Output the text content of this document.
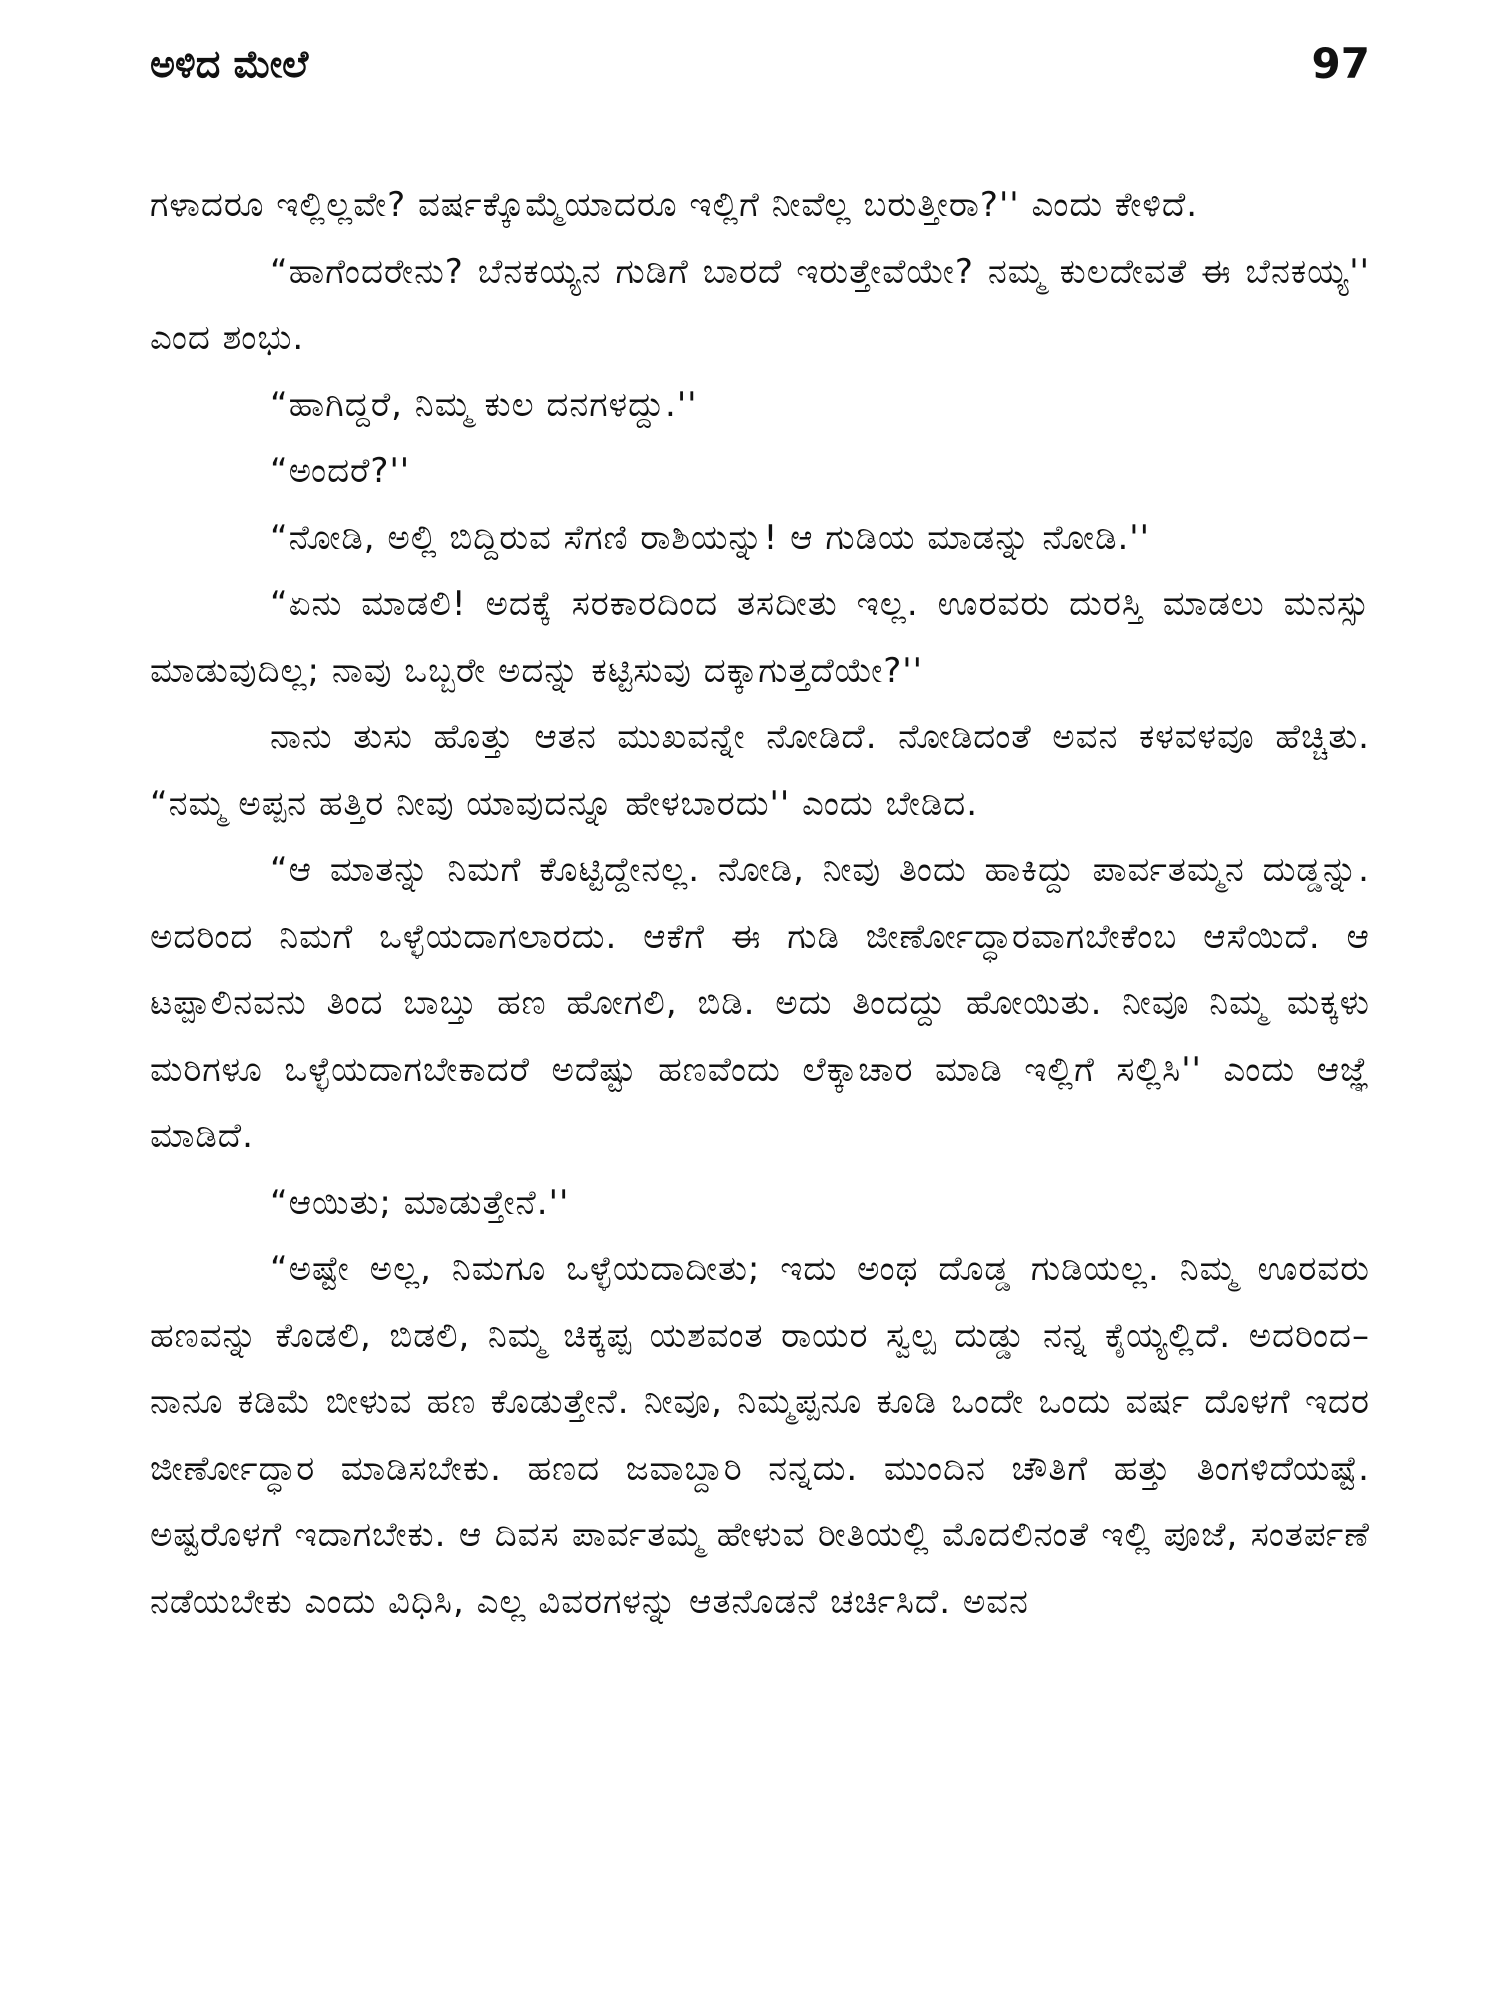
ಅಳಿದ ಮೇಲೆ	97

ಗಳಾದರೂ ಇಲ್ಲಿಲ್ಲವೇ? ವರ್ಷಕ್ಕೊಮ್ಮೆಯಾದರೂ ಇಲ್ಲಿಗೆ ನೀವೆಲ್ಲ ಬರುತ್ತೀರಾ?'' ಎಂದು ಕೇಳಿದೆ.

“ಹಾಗೆಂದರೇನು? ಬೆನಕಯ್ಯನ ಗುಡಿಗೆ ಬಾರದೆ ಇರುತ್ತೇವೆಯೇ? ನಮ್ಮ ಕುಲದೇವತೆ ಈ ಬೆನಕಯ್ಯ'' ಎಂದ ಶಂಭು.

“ಹಾಗಿದ್ದರೆ, ನಿಮ್ಮ ಕುಲ ದನಗಳದ್ದು.''

“ಅಂದರೆ?''

“ನೋಡಿ, ಅಲ್ಲಿ ಬಿದ್ದಿರುವ ಸೆಗಣಿ ರಾಶಿಯನ್ನು! ಆ ಗುಡಿಯ ಮಾಡನ್ನು ನೋಡಿ.''

“ಏನು ಮಾಡಲಿ! ಅದಕ್ಕೆ ಸರಕಾರದಿಂದ ತಸದೀತು ಇಲ್ಲ. ಊರವರು ದುರಸ್ತಿ ಮಾಡಲು ಮನಸ್ಸು ಮಾಡುವುದಿಲ್ಲ; ನಾವು ಒಬ್ಬರೇ ಅದನ್ನು ಕಟ್ಟಿಸುವು ದಕ್ಕಾಗುತ್ತದೆಯೇ?''

ನಾನು ತುಸು ಹೊತ್ತು ಆತನ ಮುಖವನ್ನೇ ನೋಡಿದೆ. ನೋಡಿದಂತೆ ಅವನ ಕಳವಳವೂ ಹೆಚ್ಚಿತು. “ನಮ್ಮ ಅಪ್ಪನ ಹತ್ತಿರ ನೀವು ಯಾವುದನ್ನೂ ಹೇಳಬಾರದು'' ಎಂದು ಬೇಡಿದ.

“ಆ ಮಾತನ್ನು ನಿಮಗೆ ಕೊಟ್ಟಿದ್ದೇನಲ್ಲ. ನೋಡಿ, ನೀವು ತಿಂದು ಹಾಕಿದ್ದು ಪಾರ್ವತಮ್ಮನ ದುಡ್ಡನ್ನು. ಅದರಿಂದ ನಿಮಗೆ ಒಳ್ಳೆಯದಾಗಲಾರದು. ಆಕೆಗೆ ಈ ಗುಡಿ ಜೀರ್ಣೋದ್ಧಾರವಾಗಬೇಕೆಂಬ ಆಸೆಯಿದೆ. ಆ ಟಪ್ಪಾಲಿನವನು ತಿಂದ ಬಾಬ್ತು ಹಣ ಹೋಗಲಿ, ಬಿಡಿ. ಅದು ತಿಂದದ್ದು ಹೋಯಿತು. ನೀವೂ ನಿಮ್ಮ ಮಕ್ಕಳು ಮರಿಗಳೂ ಒಳ್ಳೆಯದಾಗಬೇಕಾದರೆ ಅದೆಷ್ಟು ಹಣವೆಂದು ಲೆಕ್ಕಾಚಾರ ಮಾಡಿ ಇಲ್ಲಿಗೆ ಸಲ್ಲಿಸಿ'' ಎಂದು ಆಜ್ಞೆ ಮಾಡಿದೆ.

“ಆಯಿತು; ಮಾಡುತ್ತೇನೆ.''

“ಅಷ್ಟೇ ಅಲ್ಲ, ನಿಮಗೂ ಒಳ್ಳೆಯದಾದೀತು; ಇದು ಅಂಥ ದೊಡ್ಡ ಗುಡಿಯಲ್ಲ. ನಿಮ್ಮ ಊರವರು ಹಣವನ್ನು ಕೊಡಲಿ, ಬಿಡಲಿ, ನಿಮ್ಮ ಚಿಕ್ಕಪ್ಪ ಯಶವಂತ ರಾಯರ ಸ್ವಲ್ಪ ದುಡ್ಡು ನನ್ನ ಕೈಯ್ಯಲ್ಲಿದೆ. ಅದರಿಂದ–ನಾನೂ ಕಡಿಮೆ ಬೀಳುವ ಹಣ ಕೊಡುತ್ತೇನೆ. ನೀವೂ, ನಿಮ್ಮಪ್ಪನೂ ಕೂಡಿ ಒಂದೇ ಒಂದು ವರ್ಷ ದೊಳಗೆ ಇದರ ಜೀರ್ಣೋದ್ಧಾರ ಮಾಡಿಸಬೇಕು. ಹಣದ ಜವಾಬ್ದಾರಿ ನನ್ನದು. ಮುಂದಿನ ಚೌತಿಗೆ ಹತ್ತು ತಿಂಗಳಿದೆಯಷ್ಟೆ. ಅಷ್ಟರೊಳಗೆ ಇದಾಗಬೇಕು. ಆ ದಿವಸ ಪಾರ್ವತಮ್ಮ ಹೇಳುವ ರೀತಿಯಲ್ಲಿ ಮೊದಲಿನಂತೆ ಇಲ್ಲಿ ಪೂಜೆ, ಸಂತರ್ಪಣೆ ನಡೆಯಬೇಕು ಎಂದು ವಿಧಿಸಿ, ಎಲ್ಲ ವಿವರಗಳನ್ನು ಆತನೊಡನೆ ಚರ್ಚಿಸಿದೆ. ಅವನ
